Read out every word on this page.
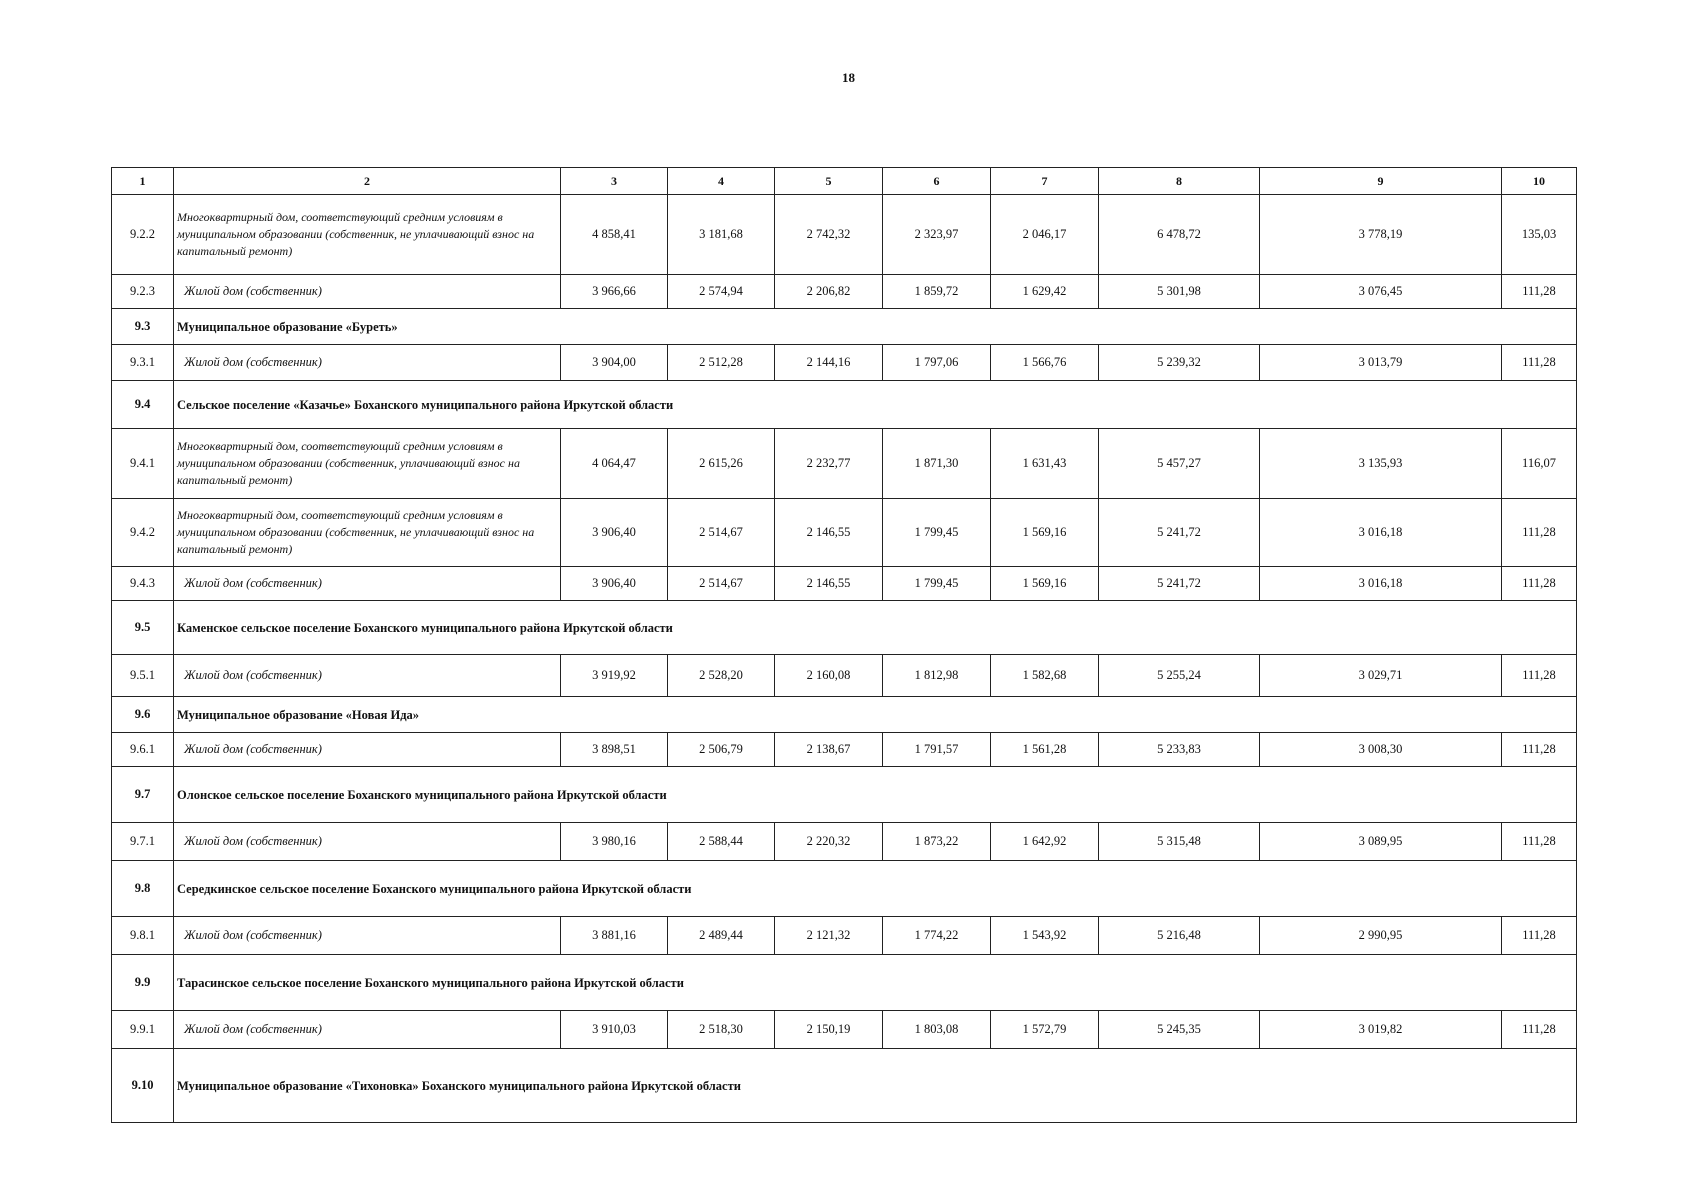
18
1	2	3	4	5	6	7	8	9	10
9.2.2	Многоквартирный дом, соответствующий средним условиям в муниципальном образовании (собственник, не уплачивающий взнос на капитальный ремонт)	4 858,41	3 181,68	2 742,32	2 323,97	2 046,17	6 478,72	3 778,19	135,03
9.2.3	Жилой дом (собственник)	3 966,66	2 574,94	2 206,82	1 859,72	1 629,42	5 301,98	3 076,45	111,28
9.3	Муниципальное образование «Буреть»								
9.3.1	Жилой дом (собственник)	3 904,00	2 512,28	2 144,16	1 797,06	1 566,76	5 239,32	3 013,79	111,28
9.4	Сельское поселение «Казачье» Боханского муниципального района Иркутской области								
9.4.1	Многоквартирный дом, соответствующий средним условиям в муниципальном образовании (собственник, уплачивающий взнос на капитальный ремонт)	4 064,47	2 615,26	2 232,77	1 871,30	1 631,43	5 457,27	3 135,93	116,07
9.4.2	Многоквартирный дом, соответствующий средним условиям в муниципальном образовании (собственник, не уплачивающий взнос на капитальный ремонт)	3 906,40	2 514,67	2 146,55	1 799,45	1 569,16	5 241,72	3 016,18	111,28
9.4.3	Жилой дом (собственник)	3 906,40	2 514,67	2 146,55	1 799,45	1 569,16	5 241,72	3 016,18	111,28
9.5	Каменское сельское поселение Боханского муниципального района Иркутской области								
9.5.1	Жилой дом (собственник)	3 919,92	2 528,20	2 160,08	1 812,98	1 582,68	5 255,24	3 029,71	111,28
9.6	Муниципальное образование «Новая Ида»								
9.6.1	Жилой дом (собственник)	3 898,51	2 506,79	2 138,67	1 791,57	1 561,28	5 233,83	3 008,30	111,28
9.7	Олонское сельское поселение Боханского муниципального района Иркутской области								
9.7.1	Жилой дом (собственник)	3 980,16	2 588,44	2 220,32	1 873,22	1 642,92	5 315,48	3 089,95	111,28
9.8	Середкинское сельское поселение Боханского муниципального района Иркутской области								
9.8.1	Жилой дом (собственник)	3 881,16	2 489,44	2 121,32	1 774,22	1 543,92	5 216,48	2 990,95	111,28
9.9	Тарасинское сельское поселение Боханского муниципального района Иркутской области								
9.9.1	Жилой дом (собственник)	3 910,03	2 518,30	2 150,19	1 803,08	1 572,79	5 245,35	3 019,82	111,28
9.10	Муниципальное образование «Тихоновка» Боханского муниципального района Иркутской области								
